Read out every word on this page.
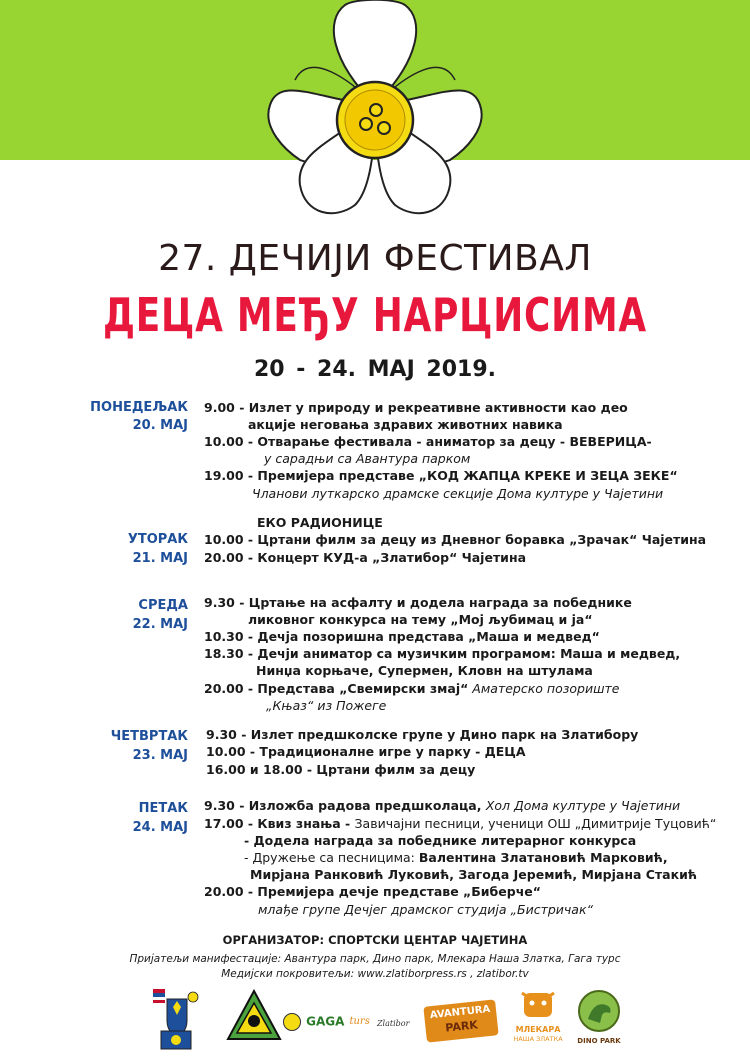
27. ДЕЧИЈИ ФЕСТИВАЛ
ДЕЦА МЕЂУ НАРЦИСИМА
20 - 24. МАЈ 2019.
ПОНЕДЕЉАК
20. МАЈ
9.00 - Излет у природу и рекреативне активности као део
акције неговања здравих животних навика
10.00 - Отварање фестивала - аниматор за децу - ВЕВЕРИЦА-
у сарадњи са Авантура парком
19.00 - Премијера представе „КОД ЖАПЦА КРЕКЕ И ЗЕЦА ЗЕКЕ“
Чланови луткарско драмске секције Дома културе у Чајетини
ЕКО РАДИОНИЦЕ
УТОРАК
21. МАЈ
10.00 - Цртани филм за децу из Дневног боравка „Зрачак“ Чајетина
20.00 - Концерт КУД-а „Златибор“ Чајетина
СРЕДА
22. МАЈ
9.30 - Цртање на асфалту и додела награда за победнике
ликовног конкурса на тему „Мој љубимац и ја“
10.30 - Дечја позоришна представа „Маша и медвед“
18.30 - Дечји аниматор са музичким програмом: Маша и медвед,
Нинџа корњаче, Супермен, Кловн на штулама
20.00 - Представа „Свемирски змај“ Аматерско позориште
„Књаз“ из Пожеге
ЧЕТВРТАК
23. МАЈ
9.30 - Излет предшколске групе у Дино парк на Златибору
10.00 - Традиционалне игре у парку - ДЕЦА
16.00 и 18.00 - Цртани филм за децу
ПЕТАК
24. МАЈ
9.30 - Изложба радова предшколаца, Хол Дома културе у Чајетини
17.00 - Квиз знања - Завичајни песници, ученици ОШ „Димитрије Туцовић“
- Додела награда за победнике литерарног конкурса
- Дружење са песницима: Валентина Златановић Марковић,
Мирјана Ранковић Луковић, Загода Јеремић, Мирјана Стакић
20.00 - Премијера дечје представе „Биберче“
млађе групе Дечјег драмског студија „Бистричак“
ОРГАНИЗАТОР: СПОРТСКИ ЦЕНТАР ЧАЈЕТИНА
Пријатељи манифестације: Авантура парк, Дино парк, Млекара Наша Златка, Гага турс
Медијски покровитељи: www.zlatiborpress.rs , zlatibor.tv
GAGA turs Zlatibor
AVANTURA
PARK	МЛЕКАРА
НАША ЗЛАТКА	DINO PARK
